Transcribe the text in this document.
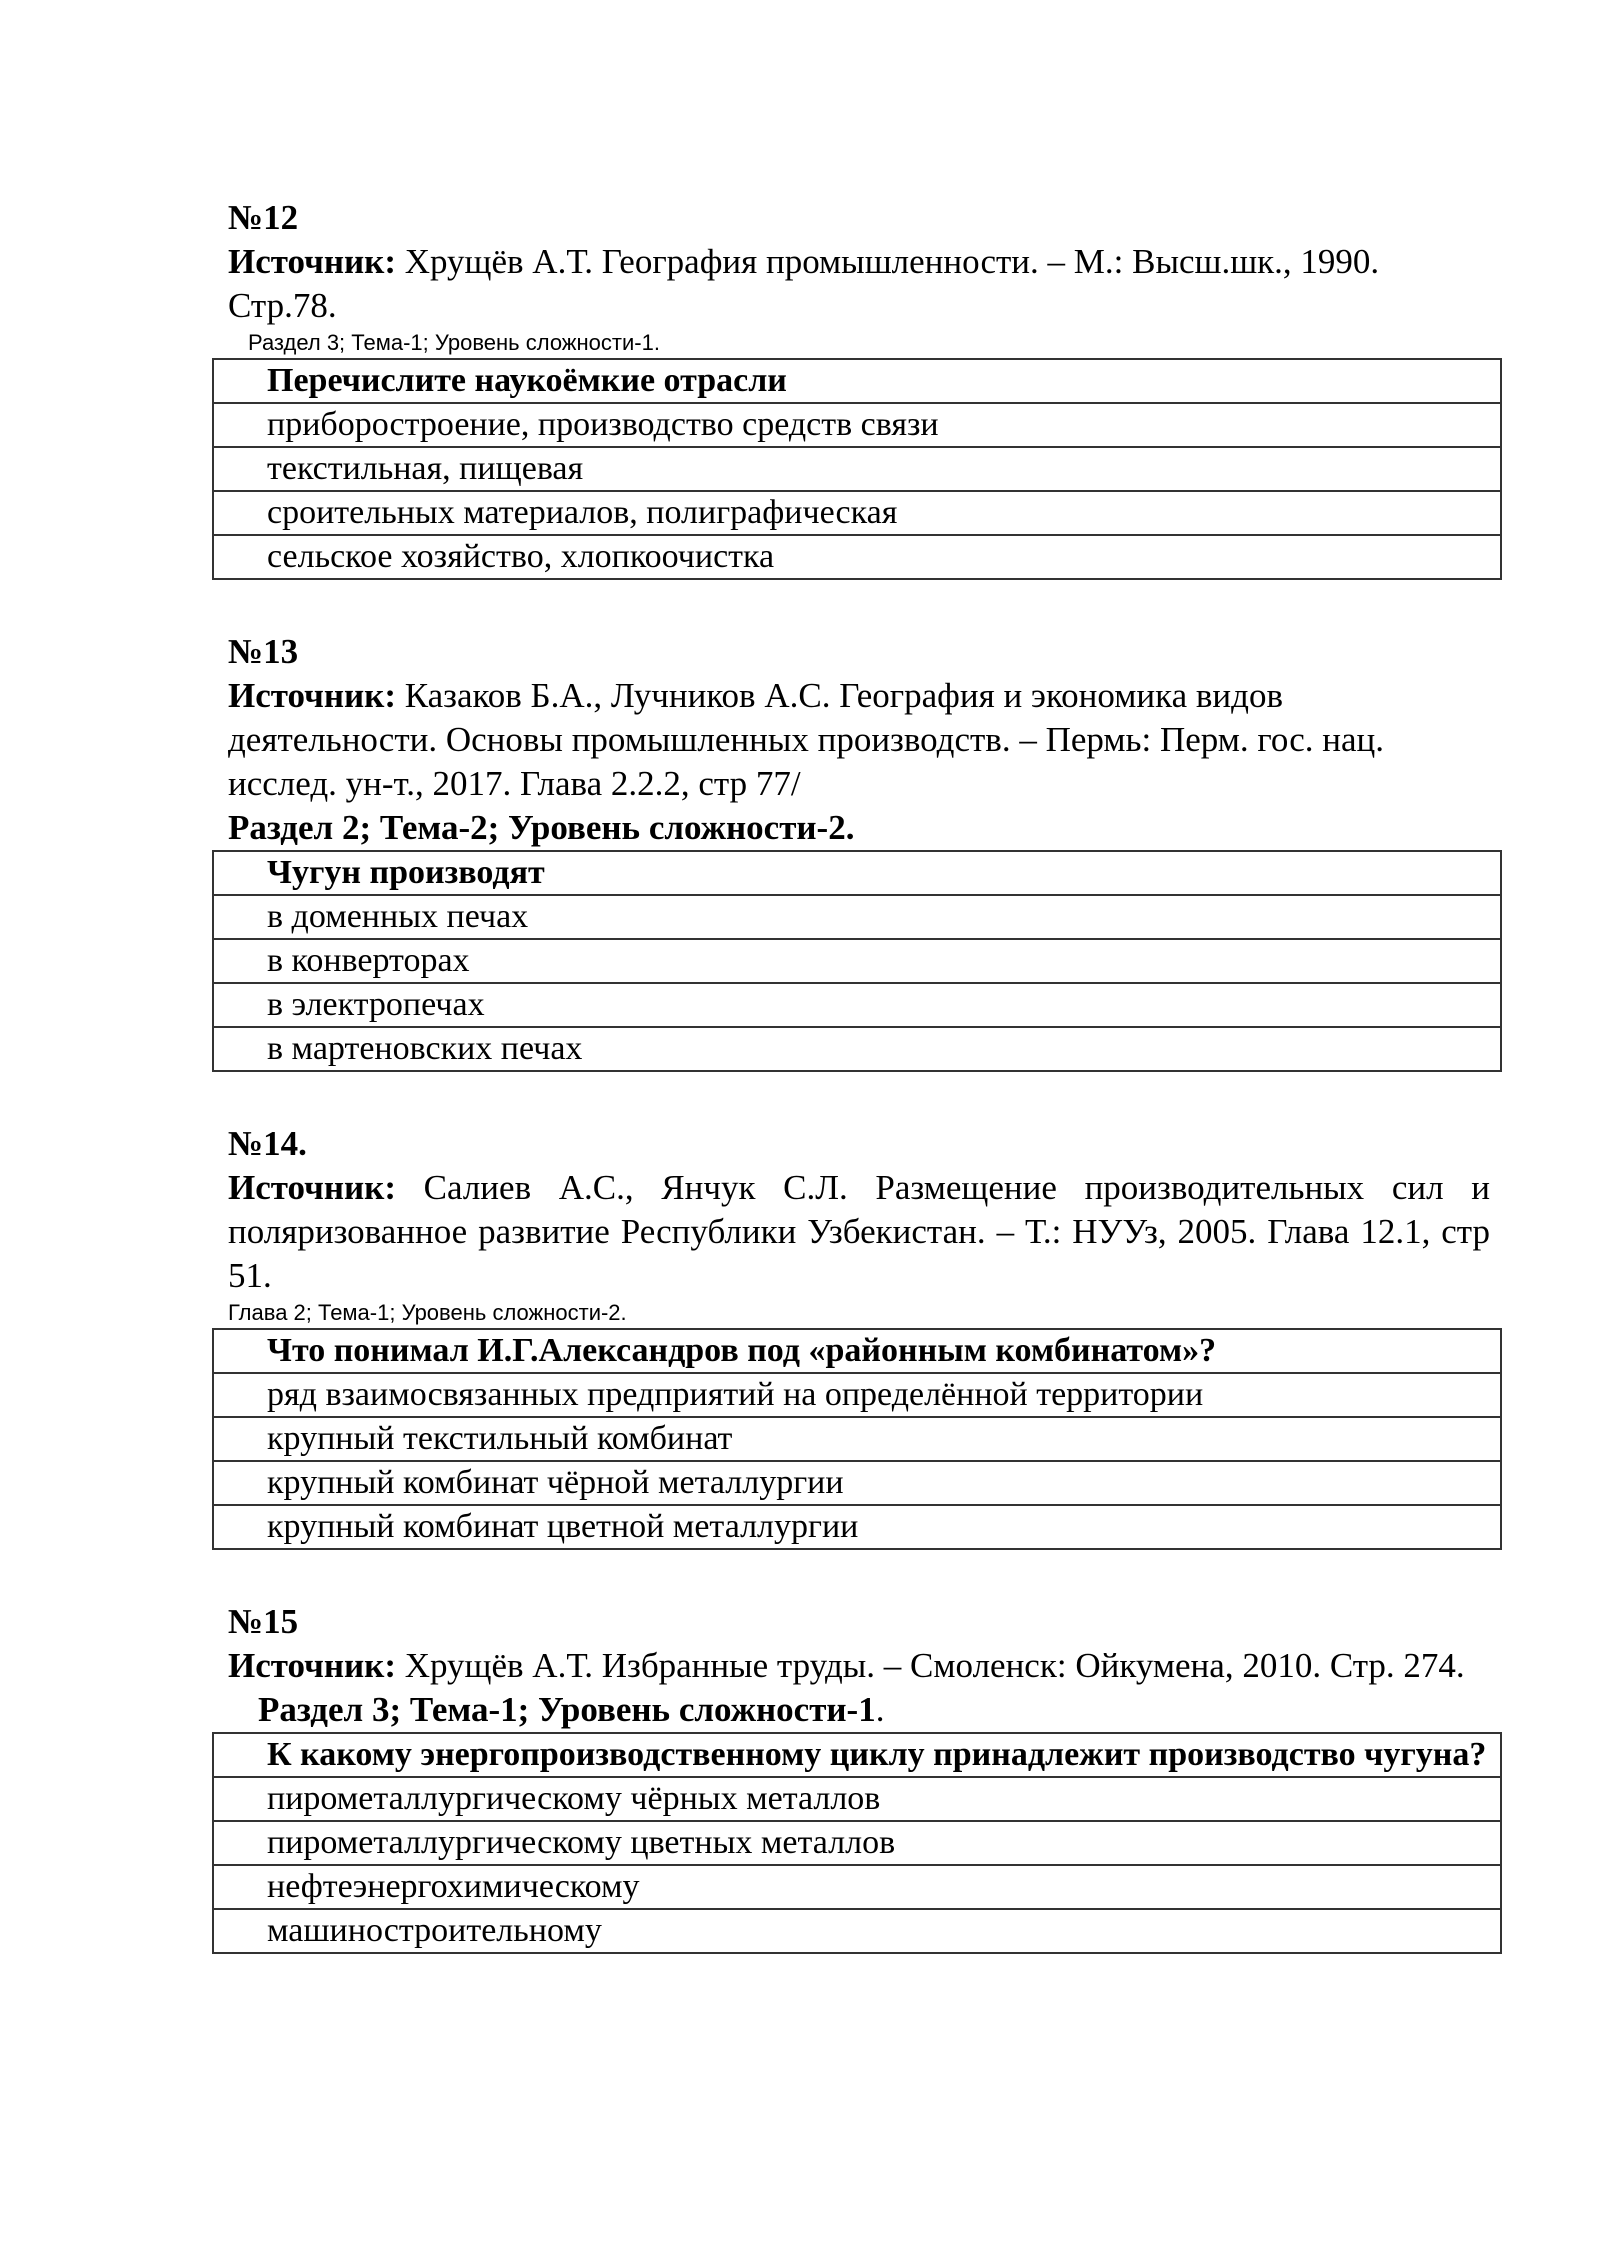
№12
Источник: Хрущёв А.Т. География промышленности. – М.: Высш.шк., 1990. Стр.78.
Раздел 3; Тема-1; Уровень сложности-1.
Перечислите наукоёмкие отрасли
приборостроение, производство средств связи
текстильная, пищевая
сроительных материалов, полиграфическая
сельское хозяйство, хлопкоочистка
№13
Источник: Казаков Б.А., Лучников А.С. География и экономика видов деятельности. Основы промышленных производств. – Пермь: Перм. гос. нац. исслед. ун-т., 2017. Глава 2.2.2, стр 77/
Раздел 2; Тема-2; Уровень сложности-2.
Чугун производят
в доменных печах
в конверторах
в электропечах
в мартеновских печах
№14.
Источник: Салиев А.С., Янчук С.Л. Размещение производительных сил и поляризованное развитие Республики Узбекистан. – Т.: НУУз, 2005. Глава 12.1, стр 51.
Глава 2; Тема-1; Уровень сложности-2.
Что понимал И.Г.Александров под «районным комбинатом»?
ряд взаимосвязанных предприятий на определённой территории
крупный текстильный комбинат
крупный комбинат чёрной металлургии
крупный комбинат цветной металлургии
№15
Источник: Хрущёв А.Т. Избранные труды. – Смоленск: Ойкумена, 2010. Стр. 274.
Раздел 3; Тема-1; Уровень сложности-1.
К какому энергопроизводственному циклу принадлежит производство чугуна?
пирометаллургическому чёрных металлов
пирометаллургическому цветных металлов
нефтеэнергохимическому
машиностроительному
